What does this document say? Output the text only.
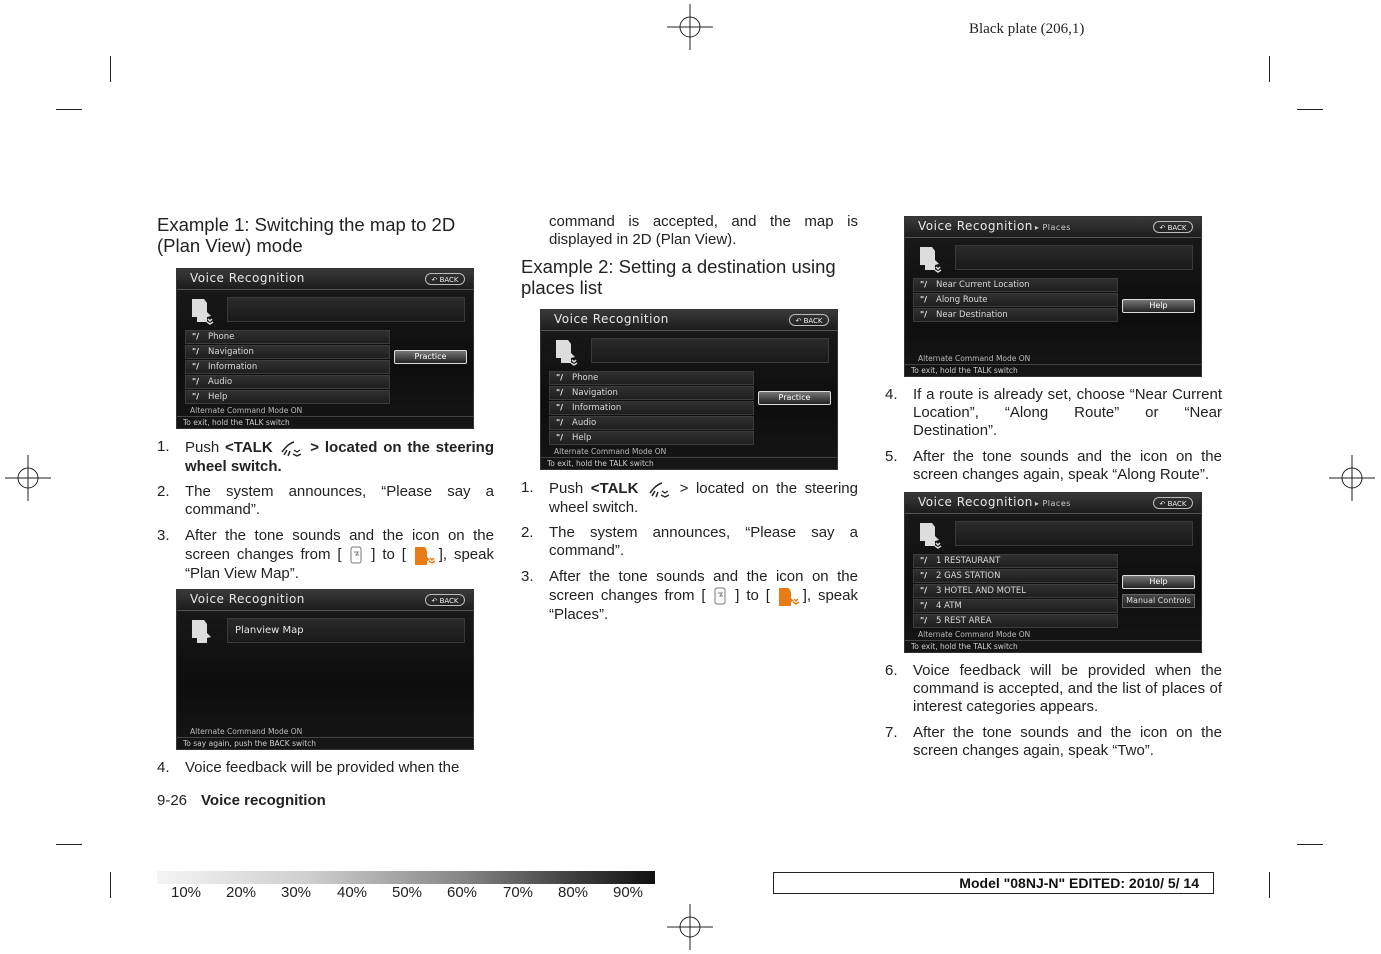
Black plate (206,1)
Example 1: Switching the map to 2D (Plan View) mode
Voice Recognition	↶ BACK
"/ Phone
"/ Navigation
"/ Information
"/ Audio
"/ Help
Practice
Alternate Command Mode ON
To exit, hold the TALK switch
1. Push <TALK  > located on the steering wheel switch.
2. The system announces, “Please say a command”.
3. After the tone sounds and the icon on the screen changes from [ ] to [ ], speak “Plan View Map”.
Voice Recognition	↶ BACK
Planview Map
Alternate Command Mode ON
To say again, push the BACK switch
4. Voice feedback will be provided when the
command is accepted, and the map is displayed in 2D (Plan View).
Example 2: Setting a destination using places list
Voice Recognition	↶ BACK
"/ Phone
"/ Navigation
"/ Information
"/ Audio
"/ Help
Practice
Alternate Command Mode ON
To exit, hold the TALK switch
1. Push <TALK  > located on the steering wheel switch.
2. The system announces, “Please say a command”.
3. After the tone sounds and the icon on the screen changes from [ ] to [ ], speak “Places”.
Voice Recognition ▸ Places	↶ BACK
"/ Near Current Location
"/ Along Route
"/ Near Destination
Help
Alternate Command Mode ON
To exit, hold the TALK switch
4. If a route is already set, choose “Near Current Location”, “Along Route” or “Near Destination”.
5. After the tone sounds and the icon on the screen changes again, speak “Along Route”.
Voice Recognition ▸ Places	↶ BACK
"/ 1 RESTAURANT
"/ 2 GAS STATION
"/ 3 HOTEL AND MOTEL
"/ 4 ATM
"/ 5 REST AREA
Help
Manual Controls
Alternate Command Mode ON
To exit, hold the TALK switch
6. Voice feedback will be provided when the command is accepted, and the list of places of interest categories appears.
7. After the tone sounds and the icon on the screen changes again, speak “Two”.
9-26 Voice recognition
10% 20% 30% 40% 50% 60% 70% 80% 90%
Model "08NJ-N" EDITED: 2010/ 5/ 14
